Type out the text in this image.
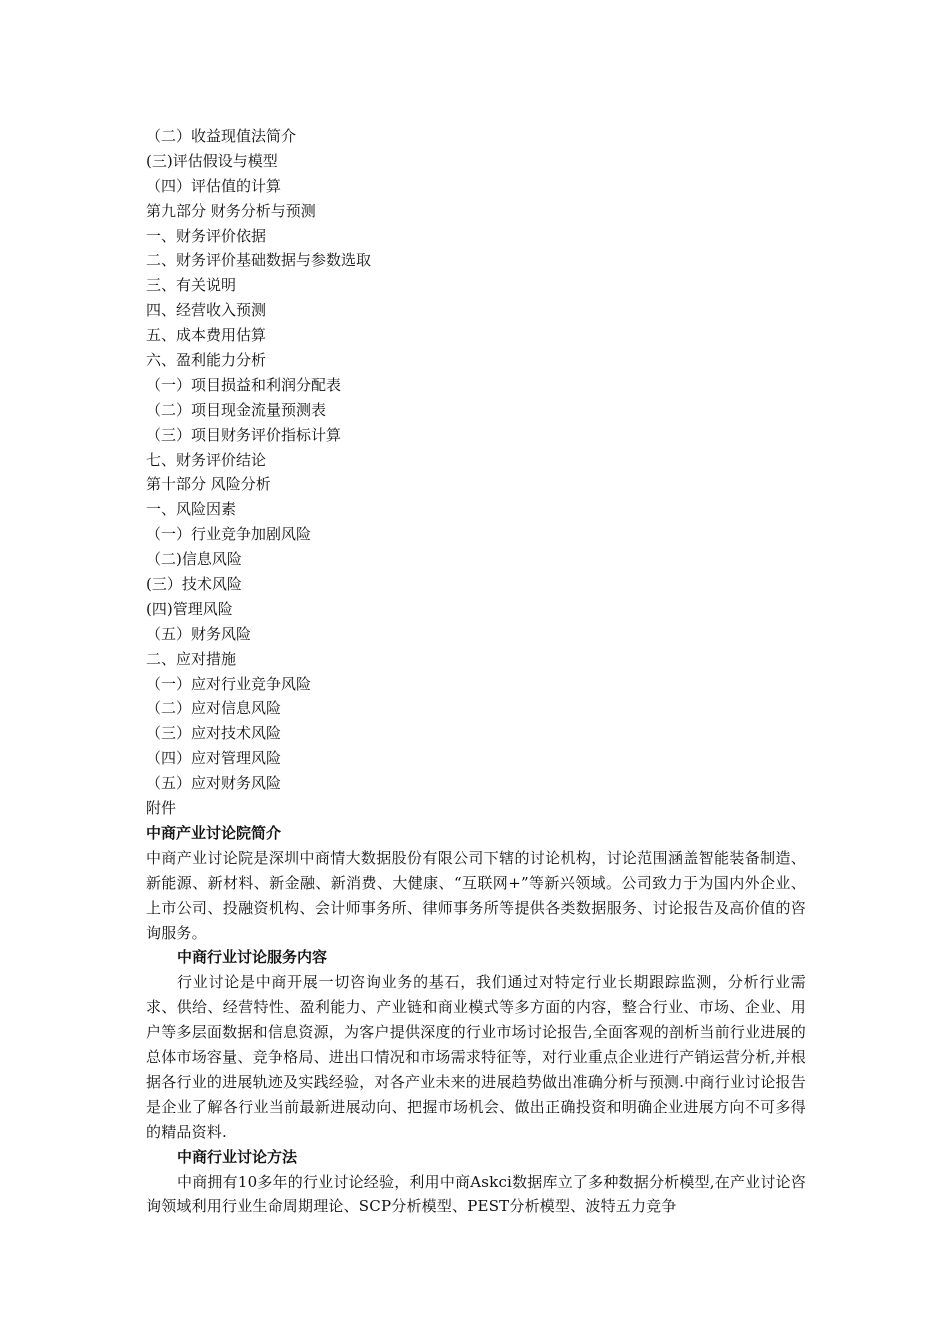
（二）收益现值法简介
(三)评估假设与模型
（四）评估值的计算
第九部分 财务分析与预测
一、财务评价依据
二、财务评价基础数据与参数选取
三、有关说明
四、经营收入预测
五、成本费用估算
六、盈利能力分析
（一）项目损益和利润分配表
（二）项目现金流量预测表
（三）项目财务评价指标计算
七、财务评价结论
第十部分 风险分析
一、风险因素
（一）行业竞争加剧风险
（二)信息风险
(三）技术风险
(四)管理风险
（五）财务风险
二、应对措施
（一）应对行业竞争风险
（二）应对信息风险
（三）应对技术风险
（四）应对管理风险
（五）应对财务风险
附件
中商产业讨论院简介

中商产业讨论院是深圳中商情大数据股份有限公司下辖的讨论机构，讨论范围涵盖智能装备制造、新能源、新材料、新金融、新消费、大健康、“互联网+”等新兴领域。公司致力于为国内外企业、上市公司、投融资机构、会计师事务所、律师事务所等提供各类数据服务、讨论报告及高价值的咨询服务。

中商行业讨论服务内容

行业讨论是中商开展一切咨询业务的基石，我们通过对特定行业长期跟踪监测，分析行业需求、供给、经营特性、盈利能力、产业链和商业模式等多方面的内容，整合行业、市场、企业、用户等多层面数据和信息资源，为客户提供深度的行业市场讨论报告,全面客观的剖析当前行业进展的总体市场容量、竞争格局、进出口情况和市场需求特征等，对行业重点企业进行产销运营分析,并根据各行业的进展轨迹及实践经验，对各产业未来的进展趋势做出准确分析与预测.中商行业讨论报告是企业了解各行业当前最新进展动向、把握市场机会、做出正确投资和明确企业进展方向不可多得的精品资料.

中商行业讨论方法

中商拥有10多年的行业讨论经验，利用中商Askci数据库立了多种数据分析模型,在产业讨论咨询领域利用行业生命周期理论、SCP分析模型、PEST分析模型、波特五力竞争
